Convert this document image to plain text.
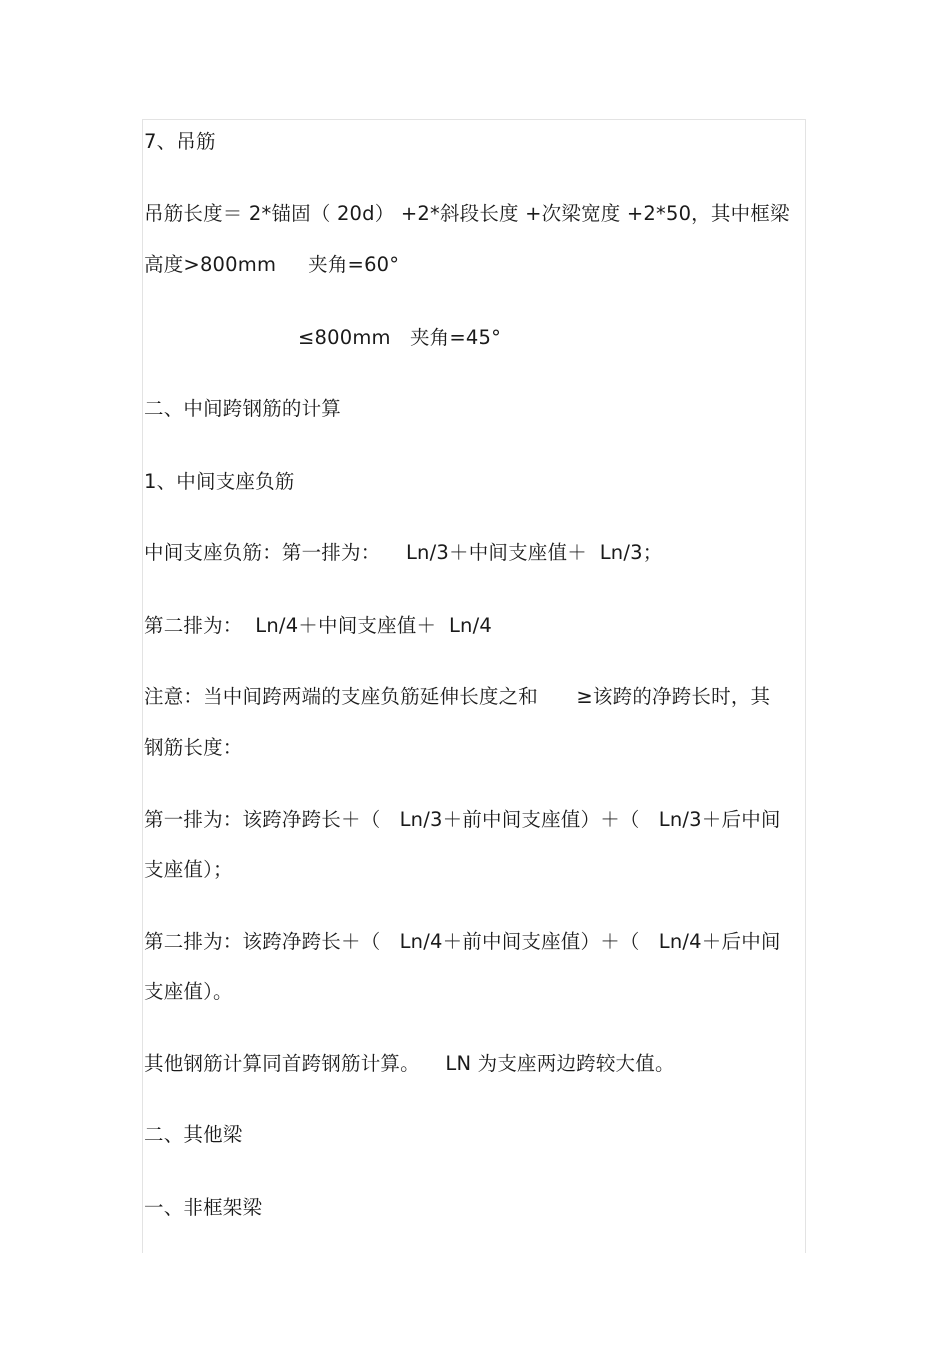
7、吊筋
吊筋长度＝ 2*锚固（ 20d） +2*斜段长度 +次梁宽度 +2*50，其中框梁
高度>800mm     夹角=60°
≤800mm   夹角=45°
二、中间跨钢筋的计算
1、中间支座负筋
中间支座负筋：第一排为：    Ln/3＋中间支座值＋  Ln/3；
第二排为：  Ln/4＋中间支座值＋  Ln/4
注意：当中间跨两端的支座负筋延伸长度之和      ≥该跨的净跨长时，其
钢筋长度：
第一排为：该跨净跨长＋（   Ln/3＋前中间支座值）＋（   Ln/3＋后中间
支座值）；
第二排为：该跨净跨长＋（   Ln/4＋前中间支座值）＋（   Ln/4＋后中间
支座值）。
其他钢筋计算同首跨钢筋计算。    LN 为支座两边跨较大值。
二、其他梁
一、非框架梁
